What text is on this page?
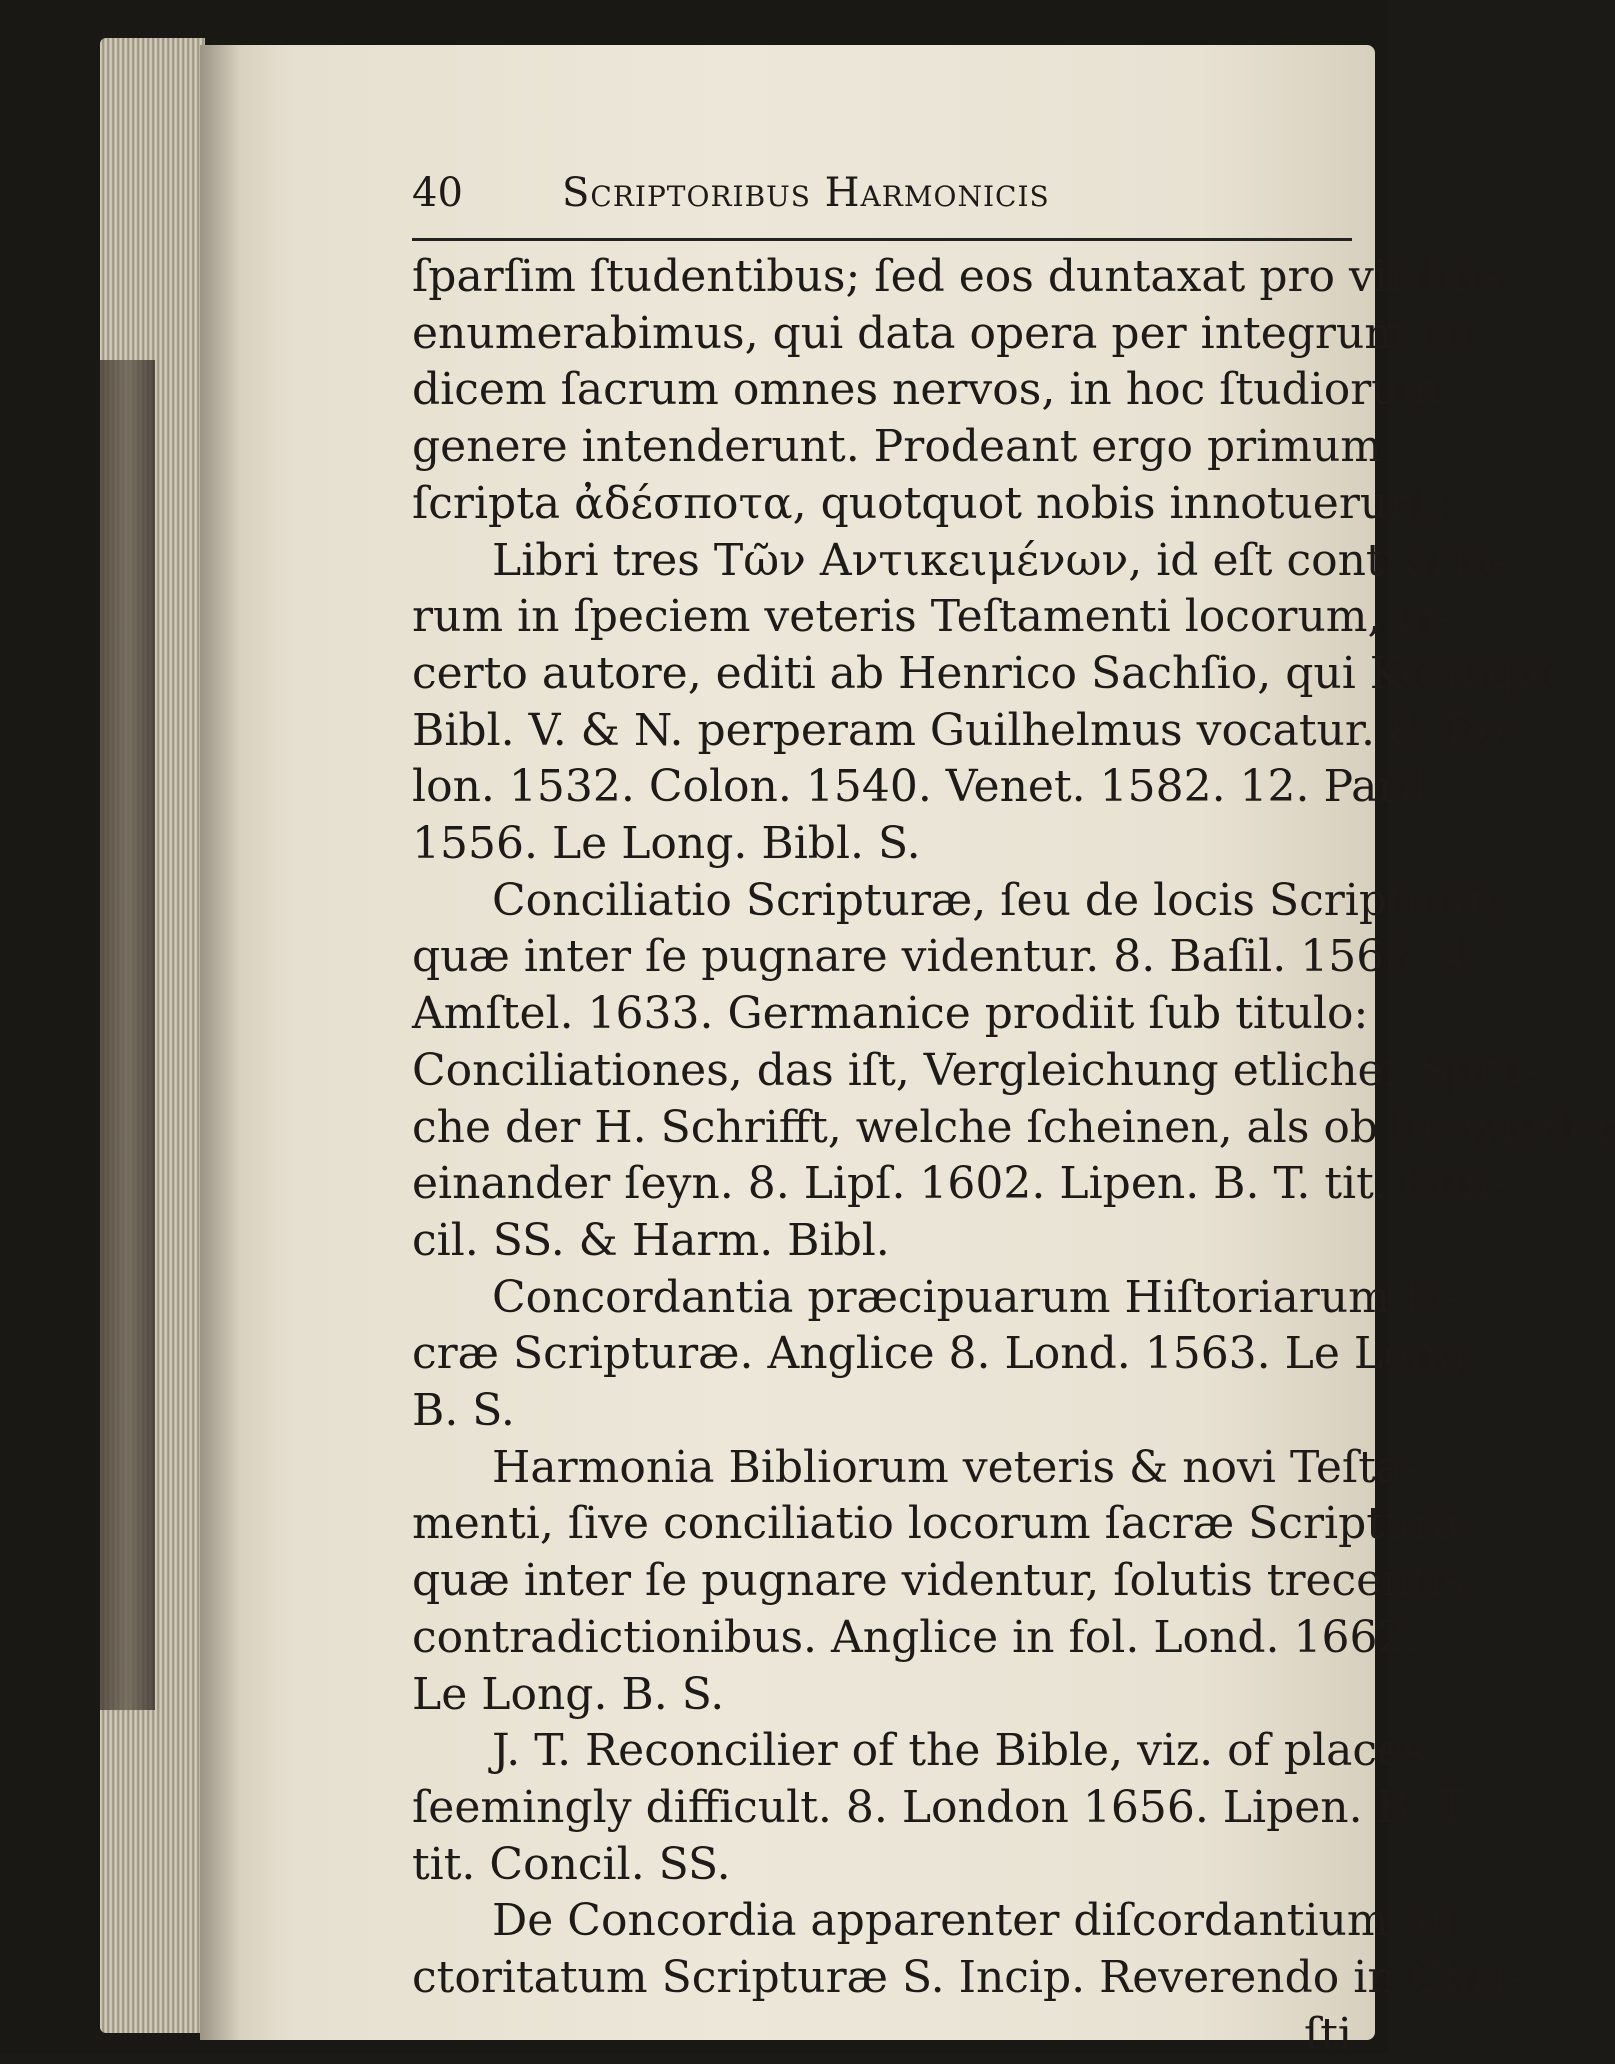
40	Scriptoribus Harmonicis
ſparſim ſtudentibus; ſed eos duntaxat pro viribus
enumerabimus, qui data opera per integrum co-
dicem ſacrum omnes nervos, in hoc ſtudiorum
genere intenderunt. Prodeant ergo primum
ſcripta ἀδέσποτα, quotquot nobis innotuerunt:
Libri tres Τῶν Αντικειμένων, id eſt contrario-
rum in ſpeciem veteris Teſtamenti locorum, in-
certo autore, editi ab Henrico Sachſio, qui Kœnigio
Bibl. V. & N. perperam Guilhelmus vocatur. 8. Bo-
lon. 1532. Colon. 1540. Venet. 1582. 12. Pariſ.
1556. Le Long. Bibl. S.
Conciliatio Scripturæ, ſeu de locis Scripturæ,
quæ inter ſe pugnare videntur. 8. Baſil. 1563. 4.
Amſtel. 1633. Germanice prodiit ſub titulo:
Conciliationes, das iſt, Vergleichung etlicher Sprü-
che der H. Schrifft, welche ſcheinen, als ob ſie wieder
einander ſeyn. 8. Lipſ. 1602. Lipen. B. T. tit. Con-
cil. SS. & Harm. Bibl.
Concordantia præcipuarum Hiſtoriarum ſa-
cræ Scripturæ. Anglice 8. Lond. 1563. Le Long
B. S.
Harmonia Bibliorum veteris & novi Teſta-
menti, ſive conciliatio locorum ſacræ Scripturæ,
quæ inter ſe pugnare videntur, ſolutis trecentis
contradictionibus. Anglice in fol. Lond. 1662.
Le Long. B. S.
J. T. Reconcilier of the Bible, viz. of places
ſeemingly difficult. 8. London 1656. Lipen. B. T.
tit. Concil. SS.
De Concordia apparenter diſcordantium au-
ctoritatum Scripturæ S. Incip. Reverendo in Chri-
ſti
